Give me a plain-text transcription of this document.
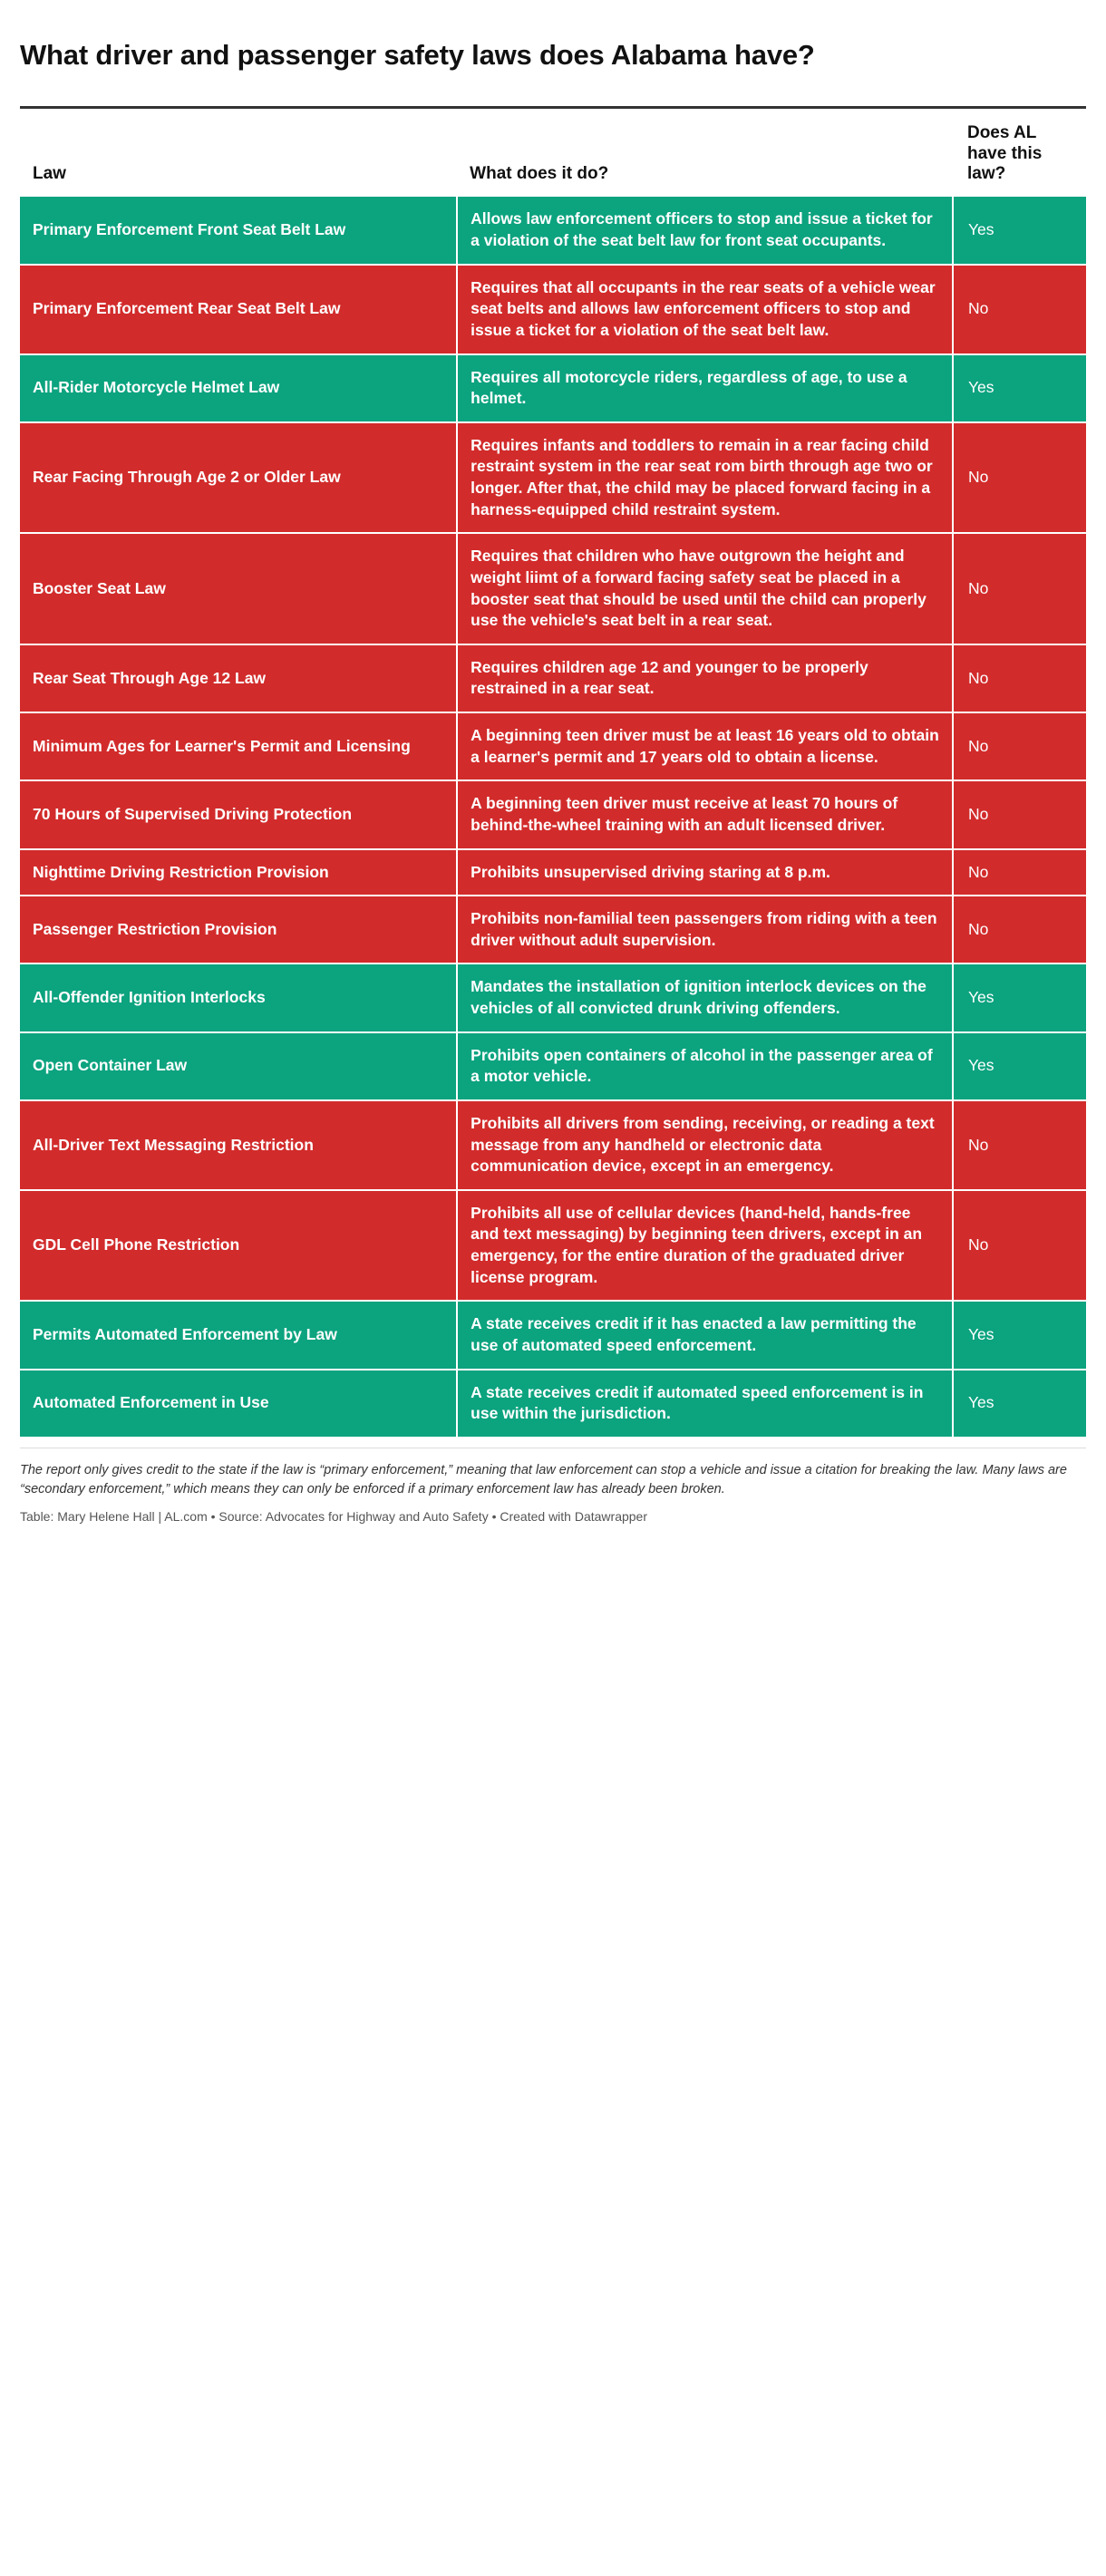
What driver and passenger safety laws does Alabama have?
Law	What does it do?	Does AL have this law?
Primary Enforcement Front Seat Belt Law	Allows law enforcement officers to stop and issue a ticket for a violation of the seat belt law for front seat occupants.	Yes
Primary Enforcement Rear Seat Belt Law	Requires that all occupants in the rear seats of a vehicle wear seat belts and allows law enforcement officers to stop and issue a ticket for a violation of the seat belt law.	No
All-Rider Motorcycle Helmet Law	Requires all motorcycle riders, regardless of age, to use a helmet.	Yes
Rear Facing Through Age 2 or Older Law	Requires infants and toddlers to remain in a rear facing child restraint system in the rear seat rom birth through age two or longer. After that, the child may be placed forward facing in a harness-equipped child restraint system.	No
Booster Seat Law	Requires that children who have outgrown the height and weight liimt of a forward facing safety seat be placed in a booster seat that should be used until the child can properly use the vehicle's seat belt in a rear seat.	No
Rear Seat Through Age 12 Law	Requires children age 12 and younger to be properly restrained in a rear seat.	No
Minimum Ages for Learner's Permit and Licensing	A beginning teen driver must be at least 16 years old to obtain a learner's permit and 17 years old to obtain a license.	No
70 Hours of Supervised Driving Protection	A beginning teen driver must receive at least 70 hours of behind-the-wheel training with an adult licensed driver.	No
Nighttime Driving Restriction Provision	Prohibits unsupervised driving staring at 8 p.m.	No
Passenger Restriction Provision	Prohibits non-familial teen passengers from riding with a teen driver without adult supervision.	No
All-Offender Ignition Interlocks	Mandates the installation of ignition interlock devices on the vehicles of all convicted drunk driving offenders.	Yes
Open Container Law	Prohibits open containers of alcohol in the passenger area of a motor vehicle.	Yes
All-Driver Text Messaging Restriction	Prohibits all drivers from sending, receiving, or reading a text message from any handheld or electronic data communication device, except in an emergency.	No
GDL Cell Phone Restriction	Prohibits all use of cellular devices (hand-held, hands-free and text messaging) by beginning teen drivers, except in an emergency, for the entire duration of the graduated driver license program.	No
Permits Automated Enforcement by Law	A state receives credit if it has enacted a law permitting the use of automated speed enforcement.	Yes
Automated Enforcement in Use	A state receives credit if automated speed enforcement is in use within the jurisdiction.	Yes
The report only gives credit to the state if the law is “primary enforcement,” meaning that law enforcement can stop a vehicle and issue a citation for breaking the law. Many laws are “secondary enforcement,” which means they can only be enforced if a primary enforcement law has already been broken.
Table: Mary Helene Hall | AL.com • Source: Advocates for Highway and Auto Safety • Created with Datawrapper
